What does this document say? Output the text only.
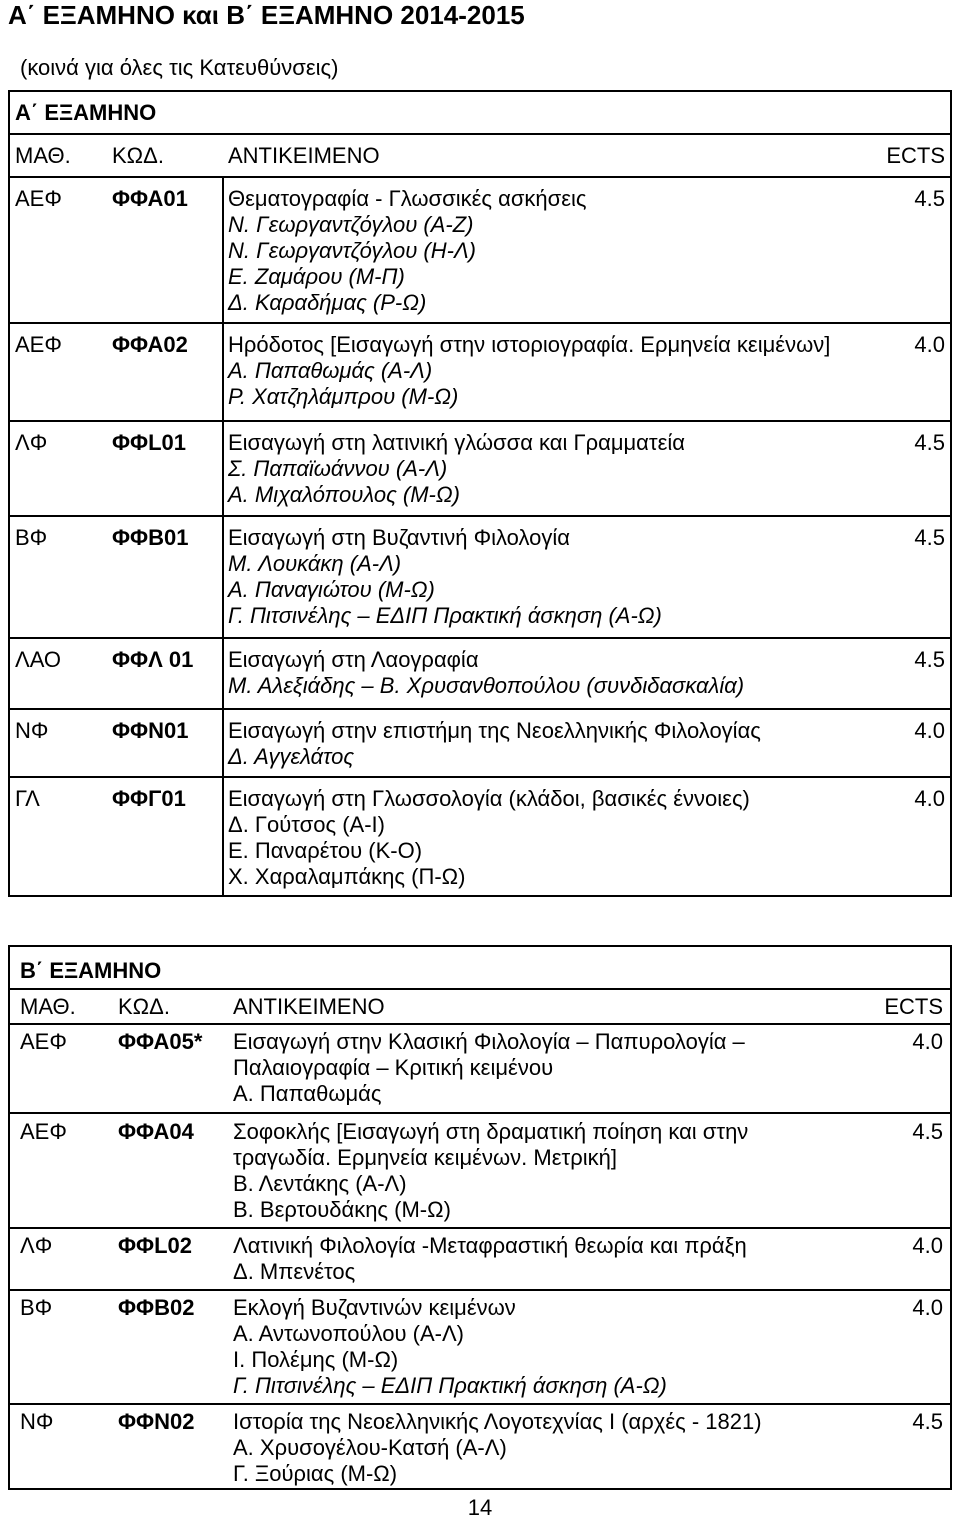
Α΄ ΕΞΑΜΗΝΟ και Β΄ ΕΞΑΜΗΝΟ 2014-2015
(κοινά για όλες τις Κατευθύνσεις)
Α΄ ΕΞΑΜΗΝΟ
ΜΑΘ.	ΚΩΔ.	ΑΝΤΙΚΕΙΜΕΝΟ	ECTS
ΑΕΦ	ΦΦΑ01	Θεματογραφία - Γλωσσικές ασκήσεις
Ν. Γεωργαντζόγλου (Α-Ζ)
Ν. Γεωργαντζόγλου (Η-Λ)
Ε. Ζαμάρου (Μ-Π)
Δ. Καραδήμας (Ρ-Ω)
4.5
ΑΕΦ	ΦΦΑ02	Ηρόδοτος [Εισαγωγή στην ιστοριογραφία. Ερμηνεία κειμένων]
Α. Παπαθωμάς (Α-Λ)
Ρ. Χατζηλάμπρου (Μ-Ω)
4.0
ΛΦ	ΦΦL01	Εισαγωγή στη λατινική γλώσσα και Γραμματεία
Σ. Παπαϊωάννου (Α-Λ)
Α. Μιχαλόπουλος (Μ-Ω)
4.5
ΒΦ	ΦΦΒ01	Εισαγωγή στη Βυζαντινή Φιλολογία
Μ. Λουκάκη (Α-Λ)
Α. Παναγιώτου (Μ-Ω)
Γ. Πιτσινέλης – ΕΔΙΠ Πρακτική άσκηση (Α-Ω)
4.5
ΛΑΟ	ΦΦΛ 01	Εισαγωγή στη Λαογραφία
Μ. Αλεξιάδης – Β. Χρυσανθοπούλου (συνδιδασκαλία)
4.5
ΝΦ	ΦΦΝ01	Εισαγωγή στην επιστήμη της Νεοελληνικής Φιλολογίας
Δ. Αγγελάτος
4.0
ΓΛ	ΦΦΓ01	Εισαγωγή στη Γλωσσολογία (κλάδοι, βασικές έννοιες)
Δ. Γούτσος (Α-Ι)
Ε. Παναρέτου (Κ-Ο)
Χ. Χαραλαμπάκης (Π-Ω)
4.0
Β΄ ΕΞΑΜΗΝΟ
ΜΑΘ.	ΚΩΔ.	ΑΝΤΙΚΕΙΜΕΝΟ	ECTS
ΑΕΦ	ΦΦΑ05*	Εισαγωγή στην Κλασική Φιλολογία – Παπυρολογία –
Παλαιογραφία – Κριτική κειμένου
Α. Παπαθωμάς
4.0
ΑΕΦ	ΦΦΑ04	Σοφοκλής [Εισαγωγή στη δραματική ποίηση και στην
τραγωδία. Ερμηνεία κειμένων. Μετρική]
Β. Λεντάκης (Α-Λ)
Β. Βερτουδάκης (Μ-Ω)
4.5
ΛΦ	ΦΦL02	Λατινική Φιλολογία -Μεταφραστική θεωρία και πράξη
Δ. Μπενέτος
4.0
ΒΦ	ΦΦΒ02	Εκλογή Βυζαντινών κειμένων
Α. Αντωνοπούλου (Α-Λ)
Ι. Πολέμης (Μ-Ω)
Γ. Πιτσινέλης – ΕΔΙΠ Πρακτική άσκηση (Α-Ω)
4.0
ΝΦ	ΦΦΝ02	Ιστορία της Νεοελληνικής Λογοτεχνίας Ι (αρχές - 1821)
Α. Χρυσογέλου-Κατσή (Α-Λ)
Γ. Ξούριας (Μ-Ω)
4.5
14
